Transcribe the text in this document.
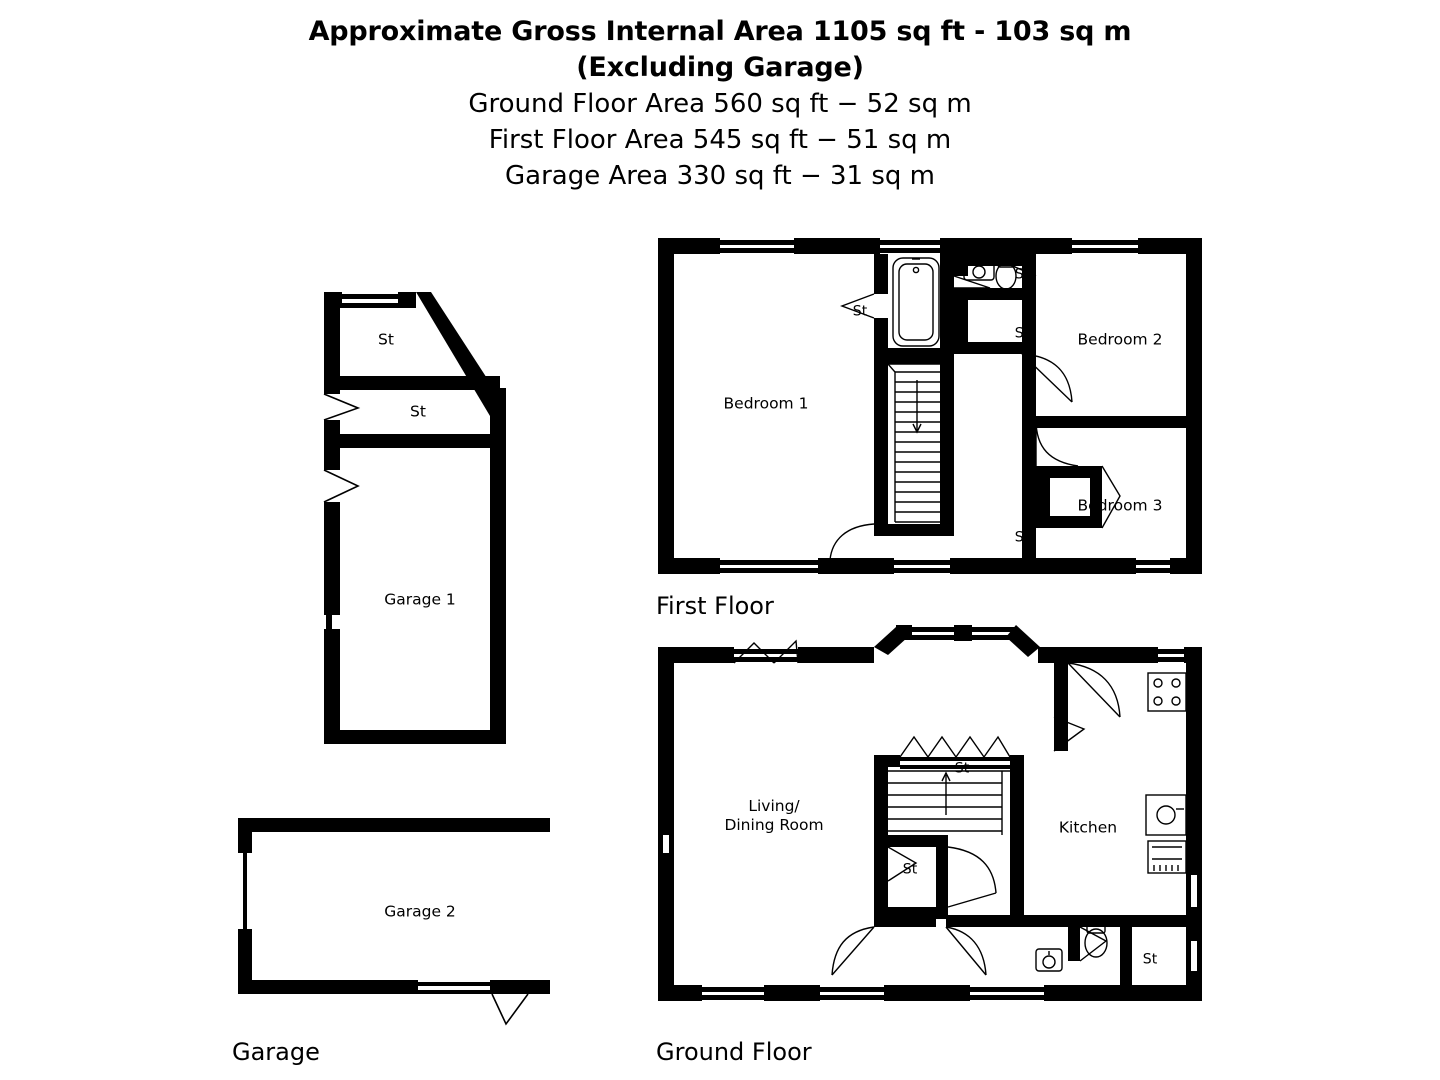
Approximate Gross Internal Area 1105 sq ft - 103 sq m
(Excluding Garage)
Ground Floor Area 560 sq ft − 52 sq m
First Floor Area 545 sq ft − 51 sq m
Garage Area 330 sq ft − 31 sq m
St
St
Garage 1
Garage 2
Garage
Bedroom 1
Bedroom 2
Bedroom 3
St
St
St
St
First Floor
Living/
Dining Room	Kitchen
St
St
St
Ground Floor
